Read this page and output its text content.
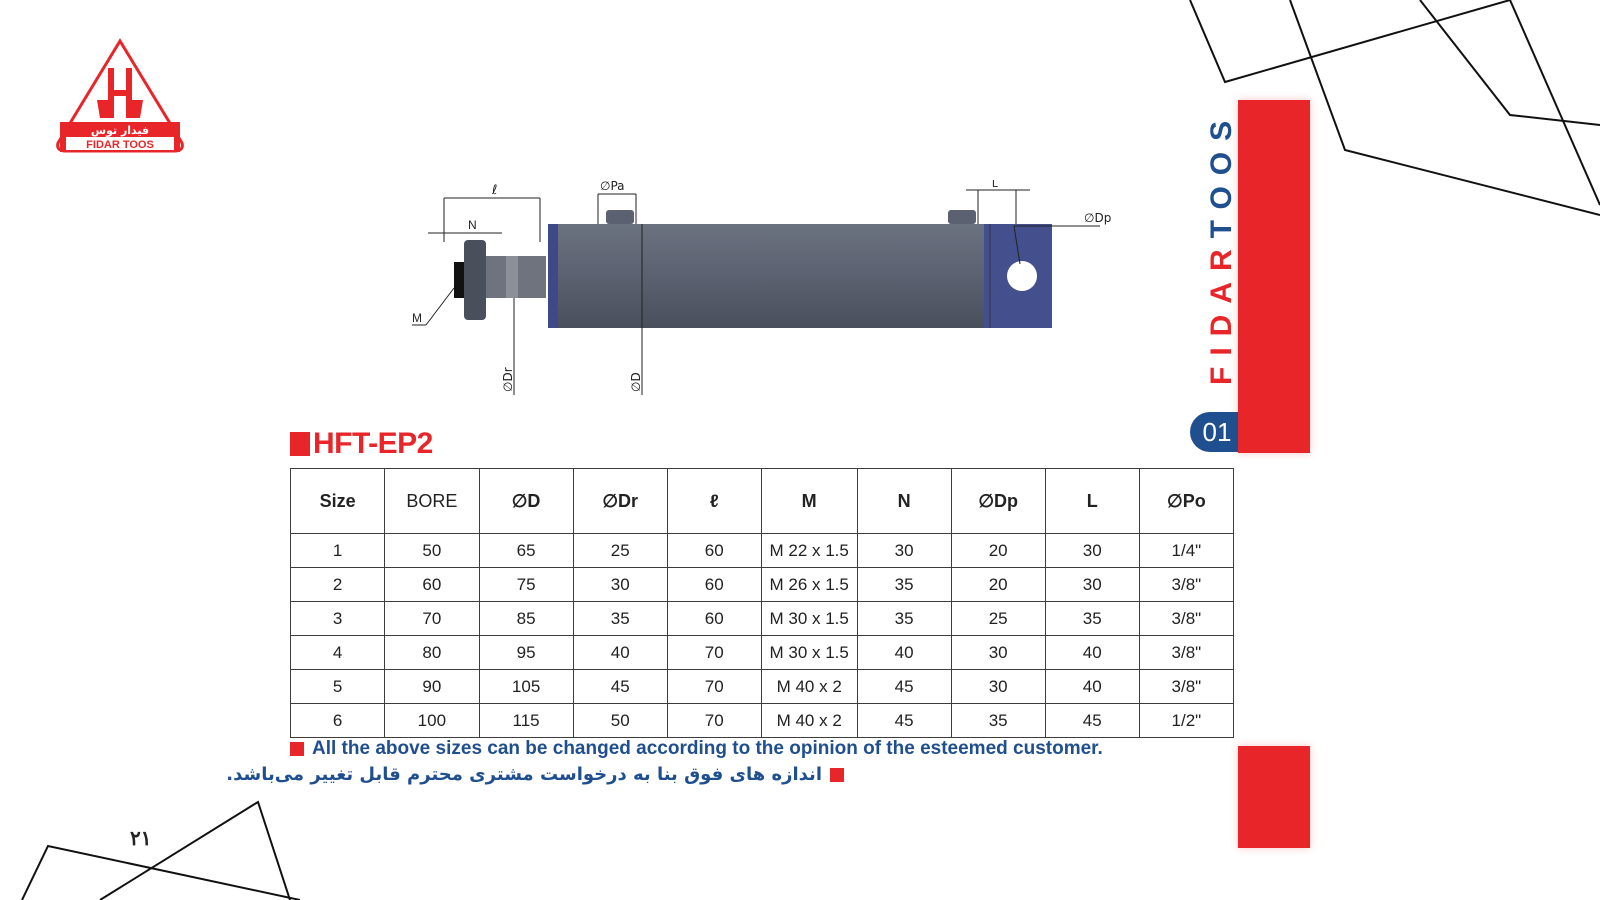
فیدار توس
FIDAR TOOS
ℓ
N
M
∅Pa	L
∅Dp
∅Dr	∅D	FIDARTOOS
01
HFT-EP2
Size	BORE	∅D	∅Dr	ℓ	M	N	∅Dp	L	∅Po
1	50	65	25	60	M 22 x 1.5	30	20	30	1/4"
2	60	75	30	60	M 26 x 1.5	35	20	30	3/8"
3	70	85	35	60	M 30 x 1.5	35	25	35	3/8"
4	80	95	40	70	M 30 x 1.5	40	30	40	3/8"
5	90	105	45	70	M 40 x 2	45	30	40	3/8"
6	100	115	50	70	M 40 x 2	45	35	45	1/2"
All the above sizes can be changed according to the opinion of the esteemed customer.
اندازه های فوق بنا به درخواست مشتری محترم قابل تغییر می‌باشد.
۲۱
